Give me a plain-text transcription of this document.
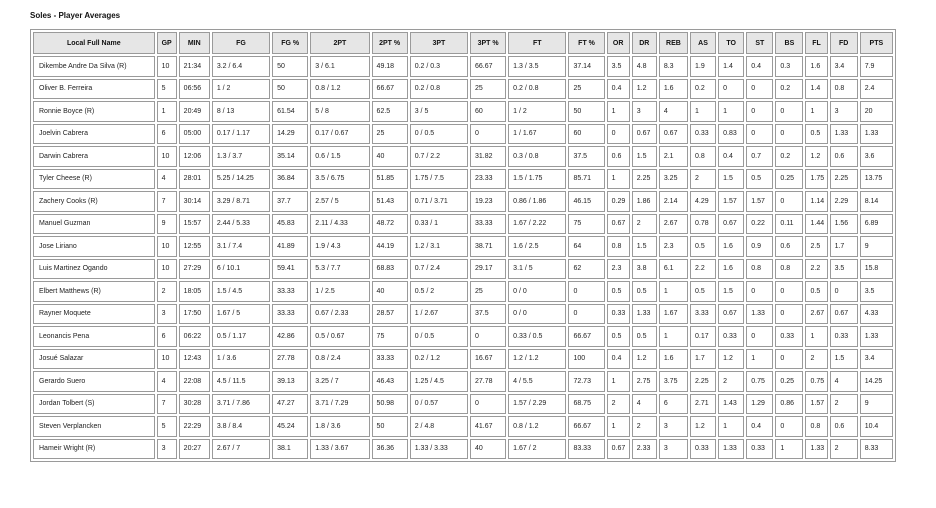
Soles - Player Averages
Local Full Name	GP	MIN	FG	FG %	2PT	2PT %	3PT	3PT %	FT	FT %	OR	DR	REB	AS	TO	ST	BS	FL	FD	PTS
Dikembe Andre Da Silva (R)	10	21:34	3.2 / 6.4	50	3 / 6.1	49.18	0.2 / 0.3	66.67	1.3 / 3.5	37.14	3.5	4.8	8.3	1.9	1.4	0.4	0.3	1.6	3.4	7.9
Oliver B. Ferreira	5	06:56	1 / 2	50	0.8 / 1.2	66.67	0.2 / 0.8	25	0.2 / 0.8	25	0.4	1.2	1.6	0.2	0	0	0.2	1.4	0.8	2.4
Ronnie Boyce (R)	1	20:49	8 / 13	61.54	5 / 8	62.5	3 / 5	60	1 / 2	50	1	3	4	1	1	0	0	1	3	20
Joelvin Cabrera	6	05:00	0.17 / 1.17	14.29	0.17 / 0.67	25	0 / 0.5	0	1 / 1.67	60	0	0.67	0.67	0.33	0.83	0	0	0.5	1.33	1.33
Darwin Cabrera	10	12:06	1.3 / 3.7	35.14	0.6 / 1.5	40	0.7 / 2.2	31.82	0.3 / 0.8	37.5	0.6	1.5	2.1	0.8	0.4	0.7	0.2	1.2	0.6	3.6
Tyler Cheese (R)	4	28:01	5.25 / 14.25	36.84	3.5 / 6.75	51.85	1.75 / 7.5	23.33	1.5 / 1.75	85.71	1	2.25	3.25	2	1.5	0.5	0.25	1.75	2.25	13.75
Zachery Cooks (R)	7	30:14	3.29 / 8.71	37.7	2.57 / 5	51.43	0.71 / 3.71	19.23	0.86 / 1.86	46.15	0.29	1.86	2.14	4.29	1.57	1.57	0	1.14	2.29	8.14
Manuel Guzman	9	15:57	2.44 / 5.33	45.83	2.11 / 4.33	48.72	0.33 / 1	33.33	1.67 / 2.22	75	0.67	2	2.67	0.78	0.67	0.22	0.11	1.44	1.56	6.89
Jose Liriano	10	12:55	3.1 / 7.4	41.89	1.9 / 4.3	44.19	1.2 / 3.1	38.71	1.6 / 2.5	64	0.8	1.5	2.3	0.5	1.6	0.9	0.6	2.5	1.7	9
Luis Martinez Ogando	10	27:29	6 / 10.1	59.41	5.3 / 7.7	68.83	0.7 / 2.4	29.17	3.1 / 5	62	2.3	3.8	6.1	2.2	1.6	0.8	0.8	2.2	3.5	15.8
Elbert Matthews (R)	2	18:05	1.5 / 4.5	33.33	1 / 2.5	40	0.5 / 2	25	0 / 0	0	0.5	0.5	1	0.5	1.5	0	0	0.5	0	3.5
Rayner Moquete	3	17:50	1.67 / 5	33.33	0.67 / 2.33	28.57	1 / 2.67	37.5	0 / 0	0	0.33	1.33	1.67	3.33	0.67	1.33	0	2.67	0.67	4.33
Leonancis Pena	6	06:22	0.5 / 1.17	42.86	0.5 / 0.67	75	0 / 0.5	0	0.33 / 0.5	66.67	0.5	0.5	1	0.17	0.33	0	0.33	1	0.33	1.33
Josué Salazar	10	12:43	1 / 3.6	27.78	0.8 / 2.4	33.33	0.2 / 1.2	16.67	1.2 / 1.2	100	0.4	1.2	1.6	1.7	1.2	1	0	2	1.5	3.4
Gerardo Suero	4	22:08	4.5 / 11.5	39.13	3.25 / 7	46.43	1.25 / 4.5	27.78	4 / 5.5	72.73	1	2.75	3.75	2.25	2	0.75	0.25	0.75	4	14.25
Jordan Tolbert (S)	7	30:28	3.71 / 7.86	47.27	3.71 / 7.29	50.98	0 / 0.57	0	1.57 / 2.29	68.75	2	4	6	2.71	1.43	1.29	0.86	1.57	2	9
Steven Verplancken	5	22:29	3.8 / 8.4	45.24	1.8 / 3.6	50	2 / 4.8	41.67	0.8 / 1.2	66.67	1	2	3	1.2	1	0.4	0	0.8	0.6	10.4
Hameir Wright (R)	3	20:27	2.67 / 7	38.1	1.33 / 3.67	36.36	1.33 / 3.33	40	1.67 / 2	83.33	0.67	2.33	3	0.33	1.33	0.33	1	1.33	2	8.33
